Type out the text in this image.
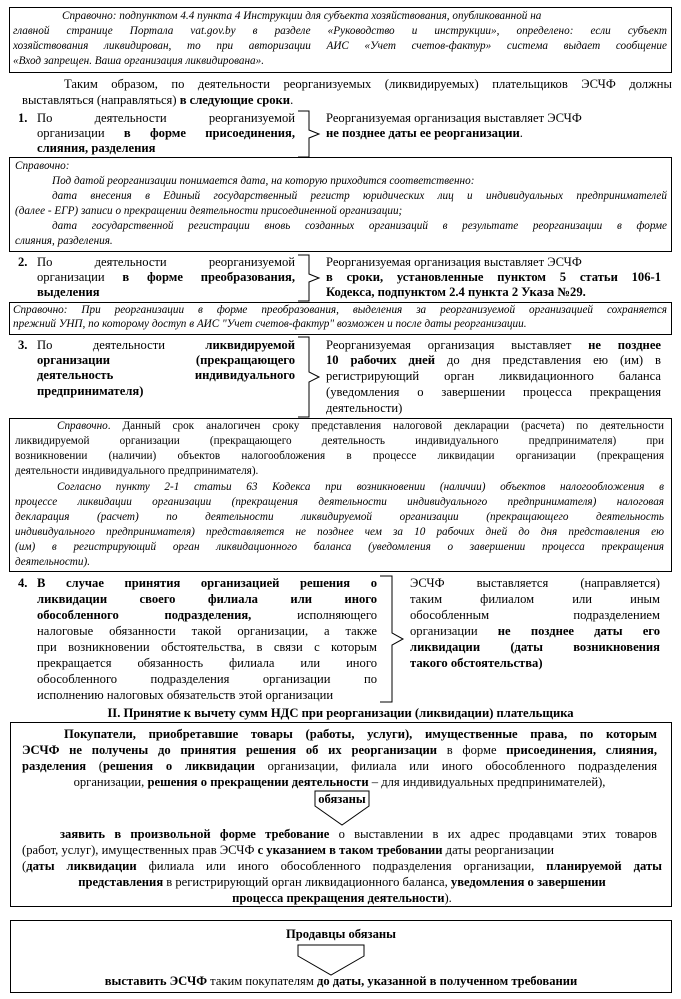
Справочно: подпунктом 4.4 пункта 4 Инструкции для субъекта хозяйствования, опубликованной на
главной странице Портала vat.gov.by в разделе «Руководство и инструкции», определено: если субъект
хозяйствования ликвидирован, то при авторизации АИС «Учет счетов-фактур» система выдает сообщение
«Вход запрещен. Ваша организация ликвидирована».
Таким образом, по деятельности реорганизуемых (ликвидируемых) плательщиков ЭСЧФ должны
выставляться (направляться) в следующие сроки.
1. По деятельности реорганизуемой
организации в форме присоединения,
слияния, разделения
Реорганизуемая организация выставляет ЭСЧФ
не позднее даты ее реорганизации.
Справочно:
Под датой реорганизации понимается дата, на которую приходится соответственно:
дата внесения в Единый государственный регистр юридических лиц и индивидуальных предпринимателей
(далее - ЕГР) записи о прекращении деятельности присоединенной организации;
дата государственной регистрации вновь созданных организаций в результате реорганизации в форме
слияния, разделения.
2. По деятельности реорганизуемой
организации в форме преобразования,
выделения
Реорганизуемая организация выставляет ЭСЧФ
в сроки, установленные пунктом 5 статьи 106-1
Кодекса, подпунктом 2.4 пункта 2 Указа №29.
Справочно: При реорганизации в форме преобразования, выделения за реорганизуемой организацией сохраняется
прежний УНП, по которому доступ в АИС "Учет счетов-фактур" возможен и после даты реорганизации.
3. По деятельности ликвидируемой
организации (прекращающего
деятельность индивидуального
предпринимателя)
Реорганизуемая организация выставляет не позднее
10 рабочих дней до дня представления ею (им) в
регистрирующий орган ликвидационного баланса
(уведомления о завершении процесса прекращения
деятельности)
Справочно. Данный срок аналогичен сроку представления налоговой декларации (расчета) по деятельности
ликвидируемой организации (прекращающего деятельность индивидуального предпринимателя) при
возникновении (наличии) объектов налогообложения в процессе ликвидации организации (прекращения
деятельности индивидуального предпринимателя).
Согласно пункту 2-1 статьи 63 Кодекса при возникновении (наличии) объектов налогообложения в
процессе ликвидации организации (прекращения деятельности индивидуального предпринимателя) налоговая
декларация (расчет) по деятельности ликвидируемой организации (прекращающего деятельность
индивидуального предпринимателя) представляется не позднее чем за 10 рабочих дней до дня представления ею
(им) в регистрирующий орган ликвидационного баланса (уведомления о завершении процесса прекращения
деятельности).
4. В случае принятия организацией решения о
ликвидации своего филиала или иного
обособленного подразделения, исполняющего
налоговые обязанности такой организации, а также
при возникновении обстоятельства, в связи с которым
прекращается обязанность филиала или иного
обособленного подразделения организации по
исполнению налоговых обязательств этой организации
ЭСЧФ выставляется (направляется)
таким филиалом или иным
обособленным подразделением
организации не позднее даты его
ликвидации (даты возникновения
такого обстоятельства)
II. Принятие к вычету сумм НДС при реорганизации (ликвидации) плательщика
Покупатели, приобретавшие товары (работы, услуги), имущественные права, по которым
ЭСЧФ не получены до принятия решения об их реорганизации в форме присоединения, слияния,
разделения (решения о ликвидации организации, филиала или иного обособленного подразделения
организации, решения о прекращении деятельности – для индивидуальных предпринимателей),
обязаны
заявить в произвольной форме требование о выставлении в их адрес продавцами этих товаров
(работ, услуг), имущественных прав ЭСЧФ с указанием в таком требовании даты реорганизации
(даты ликвидации филиала или иного обособленного подразделения организации, планируемой даты
представления в регистрирующий орган ликвидационного баланса, уведомления о завершении
процесса прекращения деятельности).
Продавцы обязаны
выставить ЭСЧФ таким покупателям до даты, указанной в полученном требовании
